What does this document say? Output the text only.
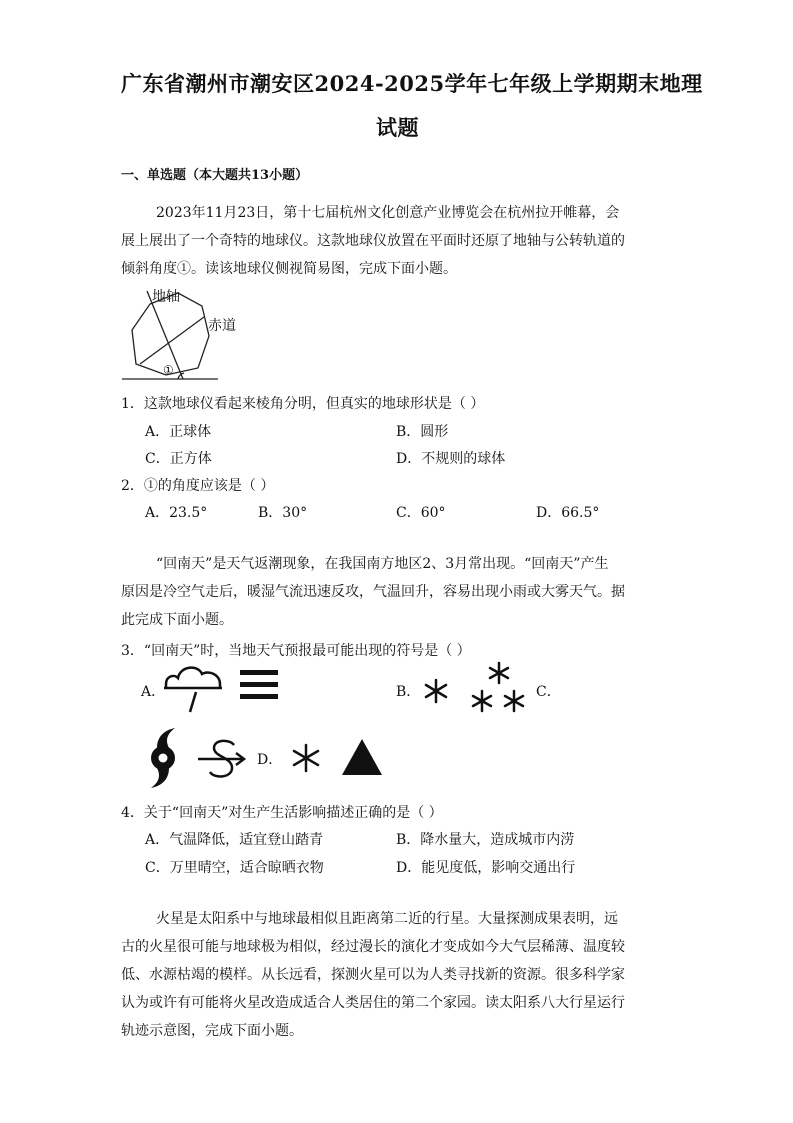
广东省潮州市潮安区2024-2025学年七年级上学期期末地理
试题
一、单选题（本大题共13小题）
2023年11月23日，第十七届杭州文化创意产业博览会在杭州拉开帷幕，会
展上展出了一个奇特的地球仪。这款地球仪放置在平面时还原了地轴与公转轨道的
倾斜角度①。读该地球仪侧视简易图，完成下面小题。
地轴
赤道
①
1．这款地球仪看起来棱角分明，但真实的地球形状是（ ）
A．正球体	B．圆形
C．正方体	D．不规则的球体
2．①的角度应该是（ ）
A．23.5°	B．30°	C．60°	D．66.5°
“回南天”是天气返潮现象，在我国南方地区2、3月常出现。“回南天”产生
原因是冷空气走后，暖湿气流迅速反攻，气温回升，容易出现小雨或大雾天气。据
此完成下面小题。
3．“回南天”时，当地天气预报最可能出现的符号是（ ）
A．	B．	C．
D．
4．关于“回南天”对生产生活影响描述正确的是（ ）
A．气温降低，适宜登山踏青	B．降水量大，造成城市内涝
C．万里晴空，适合晾晒衣物	D．能见度低，影响交通出行
火星是太阳系中与地球最相似且距离第二近的行星。大量探测成果表明，远
古的火星很可能与地球极为相似，经过漫长的演化才变成如今大气层稀薄、温度较
低、水源枯竭的模样。从长远看，探测火星可以为人类寻找新的资源。很多科学家
认为或许有可能将火星改造成适合人类居住的第二个家园。读太阳系八大行星运行
轨迹示意图，完成下面小题。
